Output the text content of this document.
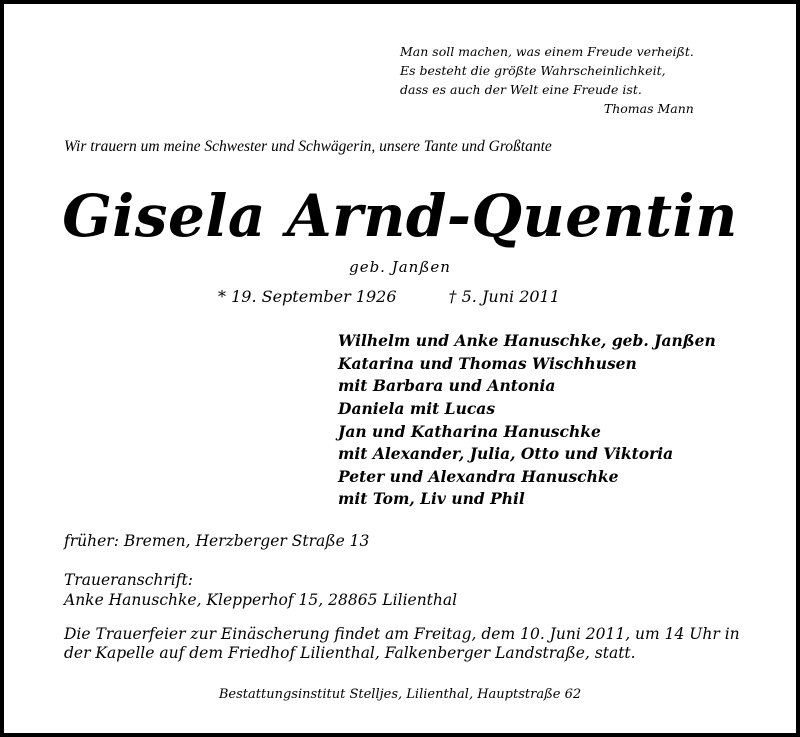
Man soll machen, was einem Freude verheißt.
Es besteht die größte Wahrscheinlichkeit,
dass es auch der Welt eine Freude ist.
Thomas Mann
Wir trauern um meine Schwester und Schwägerin, unsere Tante und Großtante
Gisela Arnd-Quentin
geb. Janßen
* 19. September 1926	† 5. Juni 2011
Wilhelm und Anke Hanuschke, geb. Janßen
Katarina und Thomas Wischhusen
mit Barbara und Antonia
Daniela mit Lucas
Jan und Katharina Hanuschke
mit Alexander, Julia, Otto und Viktoria
Peter und Alexandra Hanuschke
mit Tom, Liv und Phil
früher: Bremen, Herzberger Straße 13
Traueranschrift:
Anke Hanuschke, Klepperhof 15, 28865 Lilienthal
Die Trauerfeier zur Einäscherung findet am Freitag, dem 10. Juni 2011, um 14 Uhr in der Kapelle auf dem Friedhof Lilienthal, Falkenberger Landstraße, statt.
Bestattungsinstitut Stelljes, Lilienthal, Hauptstraße 62
